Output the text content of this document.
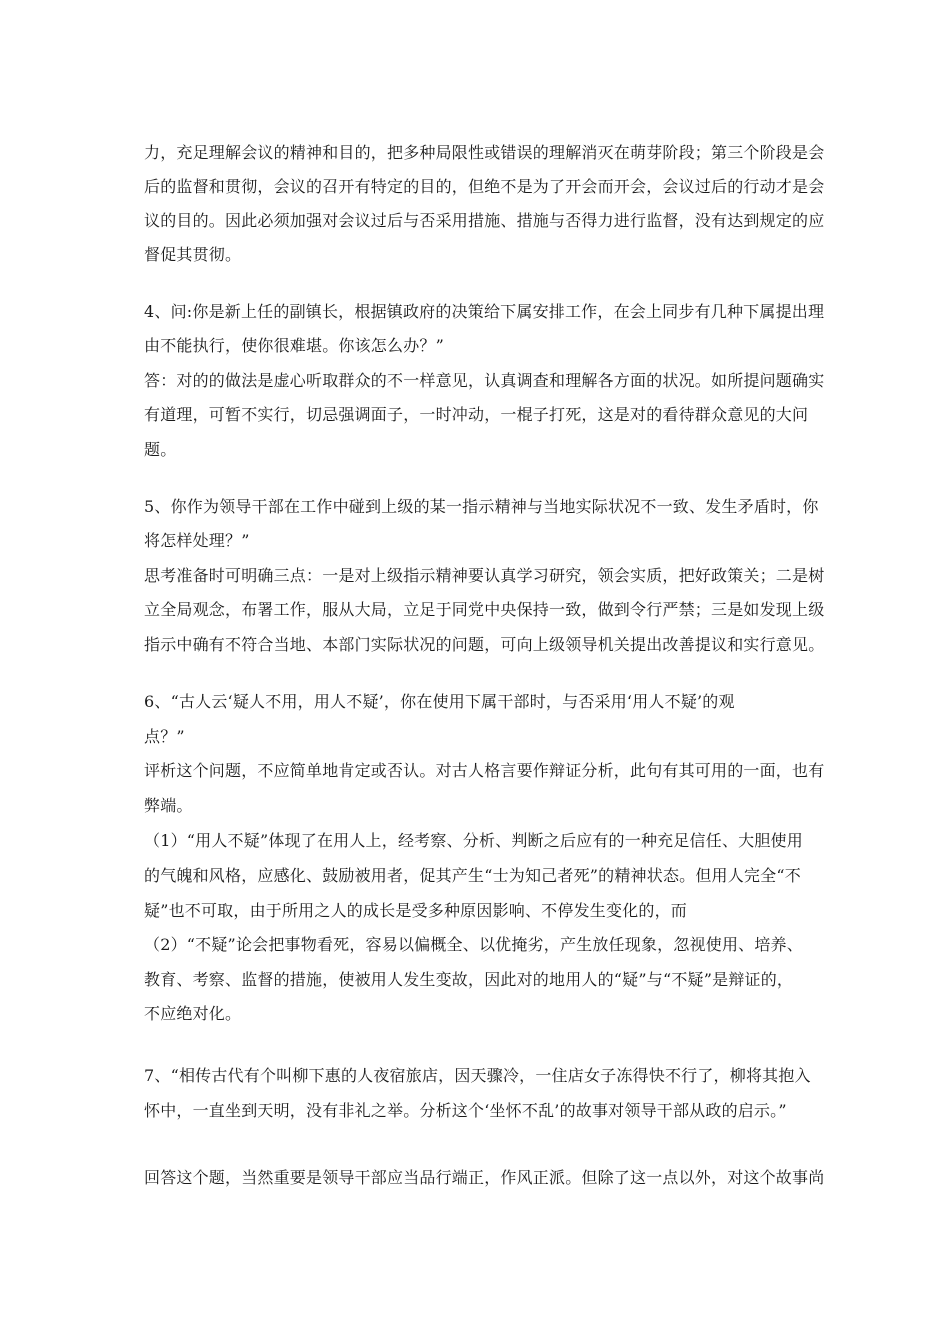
力，充足理解会议的精神和目的，把多种局限性或错误的理解消灭在萌芽阶段；第三个阶段是会
后的监督和贯彻，会议的召开有特定的目的，但绝不是为了开会而开会，会议过后的行动才是会
议的目的。因此必须加强对会议过后与否采用措施、措施与否得力进行监督，没有达到规定的应
督促其贯彻。
4、问:你是新上任的副镇长，根据镇政府的决策给下属安排工作，在会上同步有几种下属提出理
由不能执行，使你很难堪。你该怎么办？”
答：对的的做法是虚心听取群众的不一样意见，认真调查和理解各方面的状况。如所提问题确实
有道理，可暂不实行，切忌强调面子，一时冲动，一棍子打死，这是对的看待群众意见的大问
题。
5、你作为领导干部在工作中碰到上级的某一指示精神与当地实际状况不一致、发生矛盾时，你
将怎样处理？”
思考准备时可明确三点：一是对上级指示精神要认真学习研究，领会实质，把好政策关；二是树
立全局观念，布署工作，服从大局，立足于同党中央保持一致，做到令行严禁；三是如发现上级
指示中确有不符合当地、本部门实际状况的问题，可向上级领导机关提出改善提议和实行意见。
6、“古人云‘疑人不用，用人不疑’，你在使用下属干部时，与否采用‘用人不疑’的观
点？”
评析这个问题，不应简单地肯定或否认。对古人格言要作辩证分析，此句有其可用的一面，也有
弊端。
（1）“用人不疑”体现了在用人上，经考察、分析、判断之后应有的一种充足信任、大胆使用
的气魄和风格，应感化、鼓励被用者，促其产生“士为知己者死”的精神状态。但用人完全“不
疑”也不可取，由于所用之人的成长是受多种原因影响、不停发生变化的，而
（2）“不疑”论会把事物看死，容易以偏概全、以优掩劣，产生放任现象，忽视使用、培养、
教育、考察、监督的措施，使被用人发生变故，因此对的地用人的“疑”与“不疑”是辩证的，
不应绝对化。
7、“相传古代有个叫柳下惠的人夜宿旅店，因天骤冷，一住店女子冻得快不行了，柳将其抱入
怀中，一直坐到天明，没有非礼之举。分析这个‘坐怀不乱’的故事对领导干部从政的启示。”
回答这个题，当然重要是领导干部应当品行端正，作风正派。但除了这一点以外，对这个故事尚
